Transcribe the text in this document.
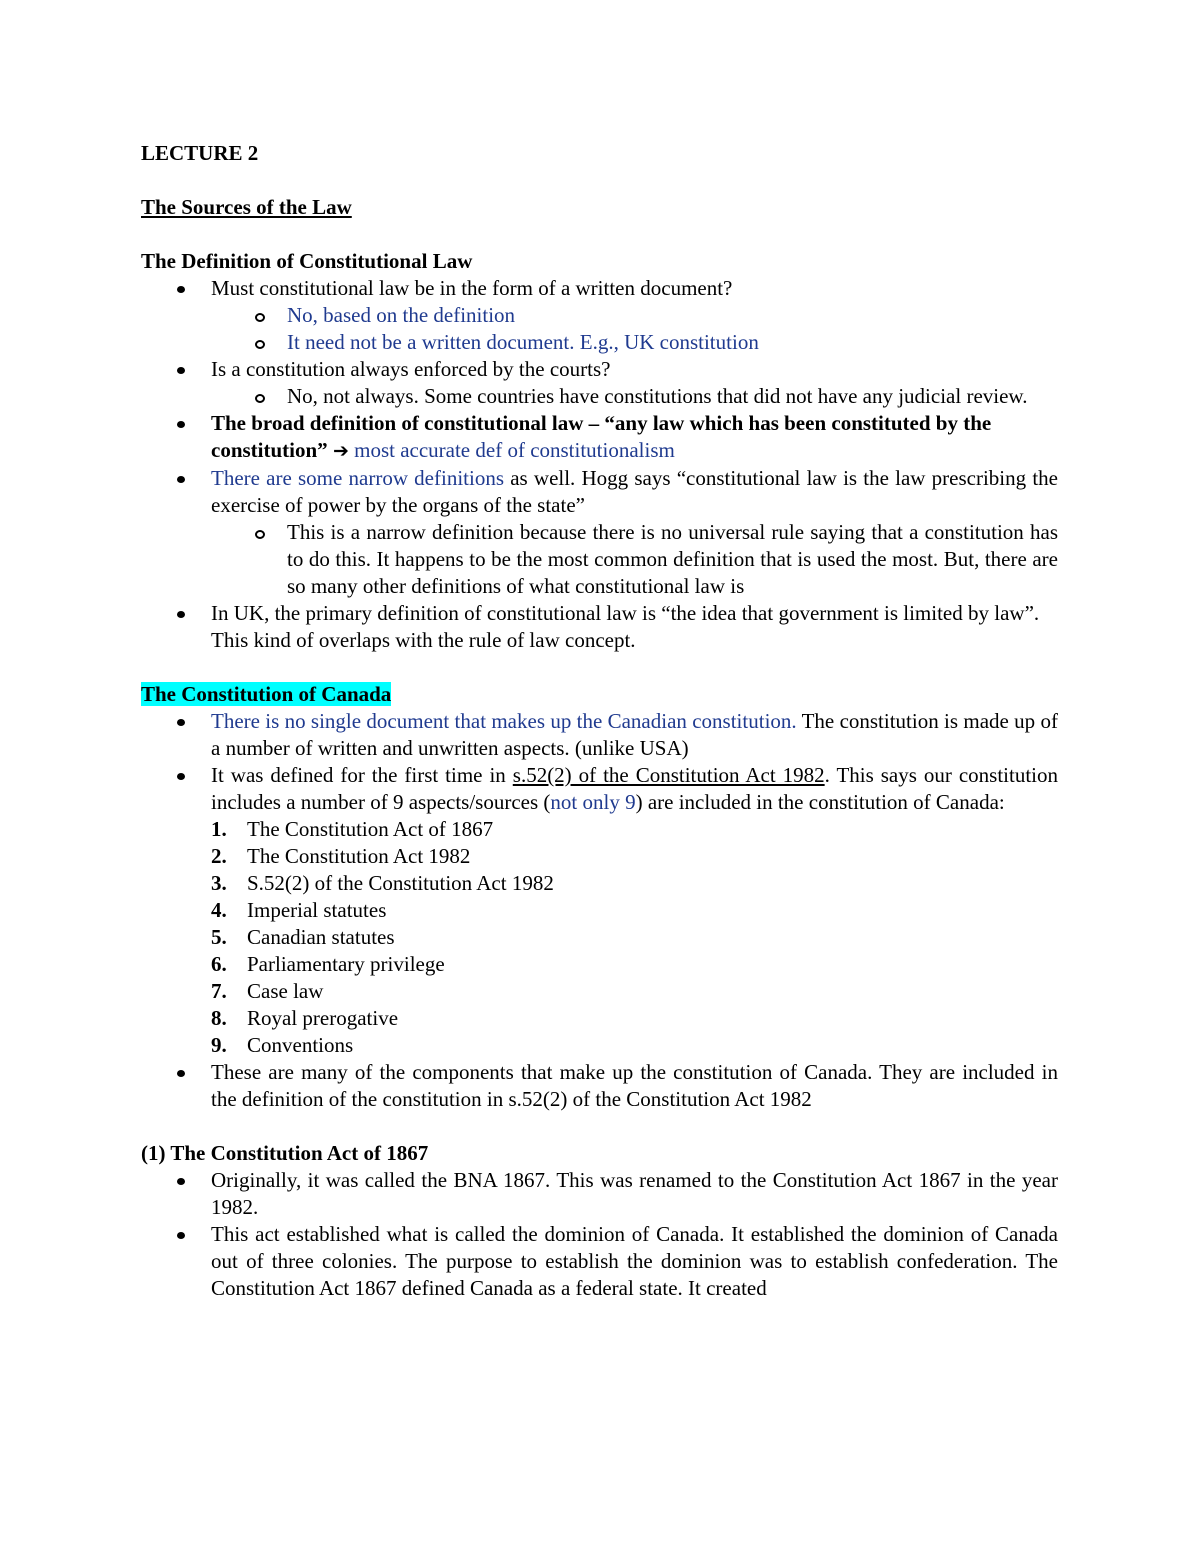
LECTURE 2

The Sources of the Law

The Definition of Constitutional Law

Must constitutional law be in the form of a written document?
No, based on the definition
It need not be a written document. E.g., UK constitution
Is a constitution always enforced by the courts?
No, not always. Some countries have constitutions that did not have any judicial review.
The broad definition of constitutional law – “any law which has been constituted by the constitution” ➔ most accurate def of constitutionalism
There are some narrow definitions as well. Hogg says “constitutional law is the law prescribing the exercise of power by the organs of the state”
This is a narrow definition because there is no universal rule saying that a constitution has to do this. It happens to be the most common definition that is used the most. But, there are so many other definitions of what constitutional law is
In UK, the primary definition of constitutional law is “the idea that government is limited by law”. This kind of overlaps with the rule of law concept.

The Constitution of Canada

There is no single document that makes up the Canadian constitution. The constitution is made up of a number of written and unwritten aspects. (unlike USA)
It was defined for the first time in s.52(2) of the Constitution Act 1982. This says our constitution includes a number of 9 aspects/sources (not only 9) are included in the constitution of Canada:
1. The Constitution Act of 1867
2. The Constitution Act 1982
3. S.52(2) of the Constitution Act 1982
4. Imperial statutes
5. Canadian statutes
6. Parliamentary privilege
7. Case law
8. Royal prerogative
9. Conventions
These are many of the components that make up the constitution of Canada. They are included in the definition of the constitution in s.52(2) of the Constitution Act 1982

(1) The Constitution Act of 1867

Originally, it was called the BNA 1867. This was renamed to the Constitution Act 1867 in the year 1982.
This act established what is called the dominion of Canada. It established the dominion of Canada out of three colonies. The purpose to establish the dominion was to establish confederation. The Constitution Act 1867 defined Canada as a federal state. It created
